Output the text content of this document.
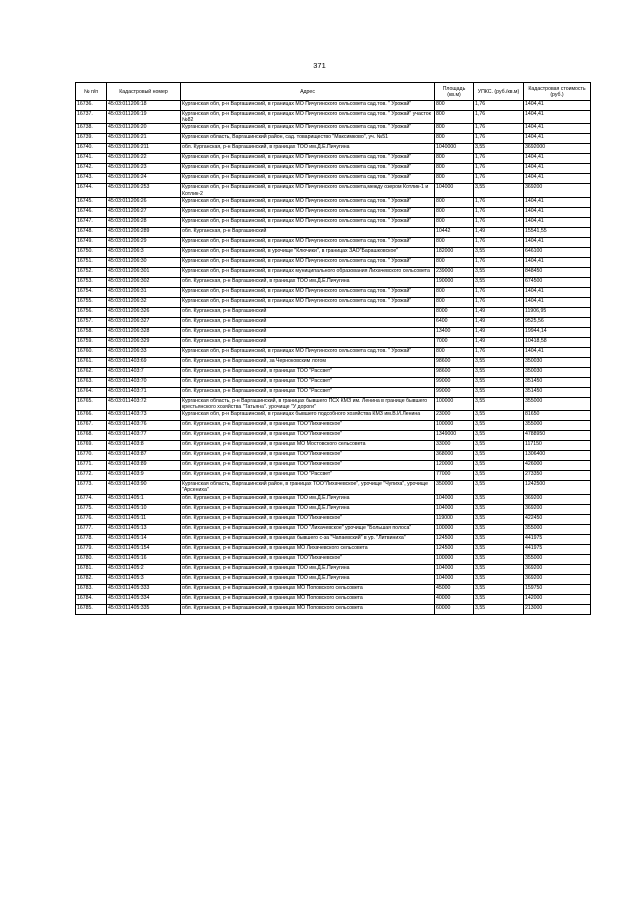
371
№ п/п	Кадастровый номер	Адрес	Площадь (кв.м)	УПКС. (руб./кв.м)	Кадастровая стоимость (руб.)
16736.	45:03:011206:18	Курганская обл, р-н Варгашинский, в границах МО Пичугинского сельсовета сад.тов. " Урожай"	800	1,76	1404,41
16737.	45:03:011206:19	Курганская обл, р-н Варгашинский, в границах МО Пичугинского сельсовета сад.тов. " Урожай" участок №82	800	1,76	1404,41
16738.	45:03:011206:20	Курганская обл, р-н Варгашинский, в границах МО Пичугинского сельсовета сад.тов. " Урожай"	800	1,76	1404,41
16739.	45:03:011206:21	Курганская область, Варгашинский район, сад. товарищество "Максимково", уч. №51	800	1,76	1404,41
16740.	45:03:011206:211	обл. Курганская, р-н Варгашинский, в границах ТОО им.Д.Е.Пичугина	1040000	3,55	3692000
16741.	45:03:011206:22	Курганская обл, р-н Варгашинский, в границах МО Пичугинского сельсовета сад.тов. " Урожай"	800	1,76	1404,41
16742.	45:03:011206:23	Курганская обл, р-н Варгашинский, в границах МО Пичугинского сельсовета сад.тов. " Урожай"	800	1,76	1404,41
16743.	45:03:011206:24	Курганская обл, р-н Варгашинский, в границах МО Пичугинского сельсовета сад.тов. " Урожай"	800	1,76	1404,41
16744.	45:03:011206:253	Курганская обл, р-н Варгашинский, в границах МО Пичугинского сельсовета,между озером Котлик-1 и Котлик-2	104000	3,55	369200
16745.	45:03:011206:26	Курганская обл, р-н Варгашинский, в границах МО Пичугинского сельсовета сад.тов. " Урожай"	800	1,76	1404,41
16746.	45:03:011206:27	Курганская обл, р-н Варгашинский, в границах МО Пичугинского сельсовета сад.тов. " Урожай"	800	1,76	1404,41
16747.	45:03:011206:28	Курганская обл, р-н Варгашинский, в границах МО Пичугинского сельсовета сад.тов. " Урожай"	800	1,76	1404,41
16748.	45:03:011206:289	обл. Курганская, р-н Варгашинский	10442	1,49	15541,55
16749.	45:03:011206:29	Курганская обл, р-н Варгашинский, в границах МО Пичугинского сельсовета сад.тов. " Урожай"	800	1,76	1404,41
16750.	45:03:011206:3	Курганская обл, р-н Варгашинский, в урочище "Ключики", в границах ЗАО"Барашковское"	182000	3,55	646100
16751.	45:03:011206:30	Курганская обл, р-н Варгашинский, в границах МО Пичугинского сельсовета сад.тов. " Урожай"	800	1,76	1404,41
16752.	45:03:011206:301	Курганская обл, р-н Варгашинский, в границах муниципального образования Лихачевского сельсовета	239000	3,55	848450
16753.	45:03:011206:302	обл. Курганская, р-н Варгашинский, в границах ТОО им.Д.Е.Пичугина	190000	3,55	674500
16754.	45:03:011206:31	Курганская обл, р-н Варгашинский, в границах МО Пичугинского сельсовета сад.тов. " Урожай"	800	1,76	1404,41
16755.	45:03:011206:32	Курганская обл, р-н Варгашинский, в границах МО Пичугинского сельсовета сад.тов. " Урожай"	800	1,76	1404,41
16756.	45:03:011206:326	обл. Курганская, р-н Варгашинский	8000	1,49	11906,95
16757.	45:03:011206:327	обл. Курганская, р-н Варгашинский	6400	1,49	9525,56
16758.	45:03:011206:328	обл. Курганская, р-н Варгашинский	13400	1,49	19944,14
16759.	45:03:011206:329	обл. Курганская, р-н Варгашинский	7000	1,49	10418,58
16760.	45:03:011206:33	Курганская обл, р-н Варгашинский, в границах МО Пичугинского сельсовета сад.тов. " Урожай"	800	1,76	1404,41
16761.	45:03:011403:69	обл. Курганская, р-н Варгашинский, за Черноковским логом	98600	3,55	350030
16762.	45:03:011403:7	обл. Курганская, р-н Варгашинский, в границах ТОО "Рассвет"	98600	3,55	350030
16763.	45:03:011403:70	обл. Курганская, р-н Варгашинский, в границах ТОО "Рассвет"	99000	3,55	351450
16764.	45:03:011403:71	обл. Курганская, р-н Варгашинский, в границах ТОО "Рассвет"	99000	3,55	351450
16765.	45:03:011403:72	Курганская область, р-н Варгашинский, в границах бывшего ПСХ КМЗ им. Ленина в границе бывшего крестьянского хозяйства "Татьяна". урочище "У дороги"	100000	3,55	355000
16766.	45:03:011403:73	Курганская обл, р-н Варгашинский, в границах бывшего подсобного хозяйства КМЗ им.В.И.Ленина	23000	3,55	81650
16767.	45:03:011403:76	обл. Курганская, р-н Варгашинский, в границах ТОО"Лихачевское"	100000	3,55	355000
16768.	45:03:011403:77	обл. Курганская, р-н Варгашинский, в границах ТОО"Лихачевское"	1349000	3,55	4788950
16769.	45:03:011403:8	обл. Курганская, р-н Варгашинский, в границах МО Мостовского сельсовета	33000	3,55	117150
16770.	45:03:011403:87	обл. Курганская, р-н Варгашинский, в границах ТОО"Лихачевское"	368000	3,55	1306400
16771.	45:03:011403:89	обл. Курганская, р-н Варгашинский, в границах ТОО"Лихачевское"	120000	3,55	426000
16772.	45:03:011403:9	обл. Курганская, р-н Варгашинский, в границах ТОО "Рассвет"	77000	3,55	273350
16773.	45:03:011403:90	Курганская область, Варгашинский район, в границах ТОО"Лихачевское", урочище "Чупиха", урочище "Арсениха"	350000	3,55	1242500
16774.	45:03:011405:1	обл. Курганская, р-н Варгашинский, в границах ТОО им.Д.Е.Пичугина	104000	3,55	369200
16775.	45:03:011405:10	обл. Курганская, р-н Варгашинский, в границах ТОО им.Д.Е.Пичугина	104000	3,55	369200
16776.	45:03:011405:11	обл. Курганская, р-н Варгашинский, в границах ТОО"Лихачевское"	119000	3,55	422450
16777.	45:03:011405:13	обл. Курганская, р-н Варгашинский, в границах ТОО "Лихачевское" урочище "Большая полоса"	100000	3,55	355000
16778.	45:03:011405:14	обл. Курганская, р-н Варгашинский, в границах бывшего с-за "Чапаевский" в ур. "Литвиниха"	124500	3,55	441975
16779.	45:03:011405:154	обл. Курганская, р-н Варгашинский, в границах МО Лихачевского сельсовета	124500	3,55	441975
16780.	45:03:011405:16	обл. Курганская, р-н Варгашинский, в границах ТОО"Лихачевское"	100000	3,55	355000
16781.	45:03:011405:2	обл. Курганская, р-н Варгашинский, в границах ТОО им.Д.Е.Пичугина	104000	3,55	369200
16782.	45:03:011405:3	обл. Курганская, р-н Варгашинский, в границах ТОО им.Д.Е.Пичугина	104000	3,55	369200
16783.	45:03:011405:333	обл. Курганская, р-н Варгашинский, в границах МО Поповского сельсовета	45000	3,55	159750
16784.	45:03:011405:334	обл. Курганская, р-н Варгашинский, в границах МО Поповского сельсовета	40000	3,55	142000
16785.	45:03:011405:335	обл. Курганская, р-н Варгашинский, в границах МО Поповского сельсовета	60000	3,55	213000
